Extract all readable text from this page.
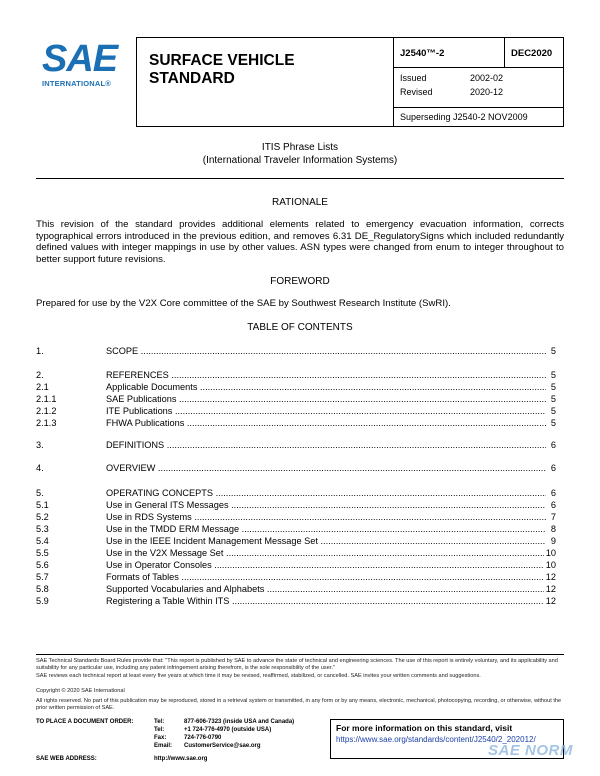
SAE
INTERNATIONAL®
SURFACE VEHICLE
STANDARD
J2540™-2	DEC2020
Issued	2002-02
Revised	2020-12
Superseding J2540-2 NOV2009
ITIS Phrase Lists
(International Traveler Information Systems)
RATIONALE
This revision of the standard provides additional elements related to emergency evacuation information, corrects typographical errors introduced in the previous edition, and removes 6.31 DE_RegulatorySigns which included redundantly defined values with integer mappings in use by other values. ASN types were changed from enum to integer throughout to better support future revisions.
FOREWORD
Prepared for use by the V2X Core committee of the SAE by Southwest Research Institute (SwRI).
TABLE OF CONTENTS
1.	SCOPE .....	5
2.	REFERENCES .....	5
2.1	Applicable Documents .....	5
2.1.1	SAE Publications .....	5
2.1.2	ITE Publications .....	5
2.1.3	FHWA Publications .....	5
3.	DEFINITIONS .....	6
4.	OVERVIEW .....	6
5.	OPERATING CONCEPTS .....	6
5.1	Use in General ITS Messages .....	6
5.2	Use in RDS Systems .....	7
5.3	Use in the TMDD ERM Message .....	8
5.4	Use in the IEEE Incident Management Message Set .....	9
5.5	Use in the V2X Message Set .....	10
5.6	Use in Operator Consoles .....	10
5.7	Formats of Tables .....	12
5.8	Supported Vocabularies and Alphabets .....	12
5.9	Registering a Table Within ITS .....	12
SAE Technical Standards Board Rules provide that: "This report is published by SAE to advance the state of technical and engineering sciences. The use of this report is entirely voluntary, and its applicability and suitability for any particular use, including any patent infringement arising therefrom, is the sole responsibility of the user."
SAE reviews each technical report at least every five years at which time it may be revised, reaffirmed, stabilized, or cancelled. SAE invites your written comments and suggestions.
Copyright © 2020 SAE International
All rights reserved. No part of this publication may be reproduced, stored in a retrieval system or transmitted, in any form or by any means, electronic, mechanical, photocopying, recording, or otherwise, without the prior written permission of SAE.
TO PLACE A DOCUMENT ORDER:	Tel:	877-606-7323 (inside USA and Canada)
Tel:	+1 724-776-4970 (outside USA)
Fax:	724-776-0790
Email: CustomerService@sae.org
SAE WEB ADDRESS:	http://www.sae.org
For more information on this standard, visit
https://www.sae.org/standards/content/J2540/2_202012/
SAE NORM
